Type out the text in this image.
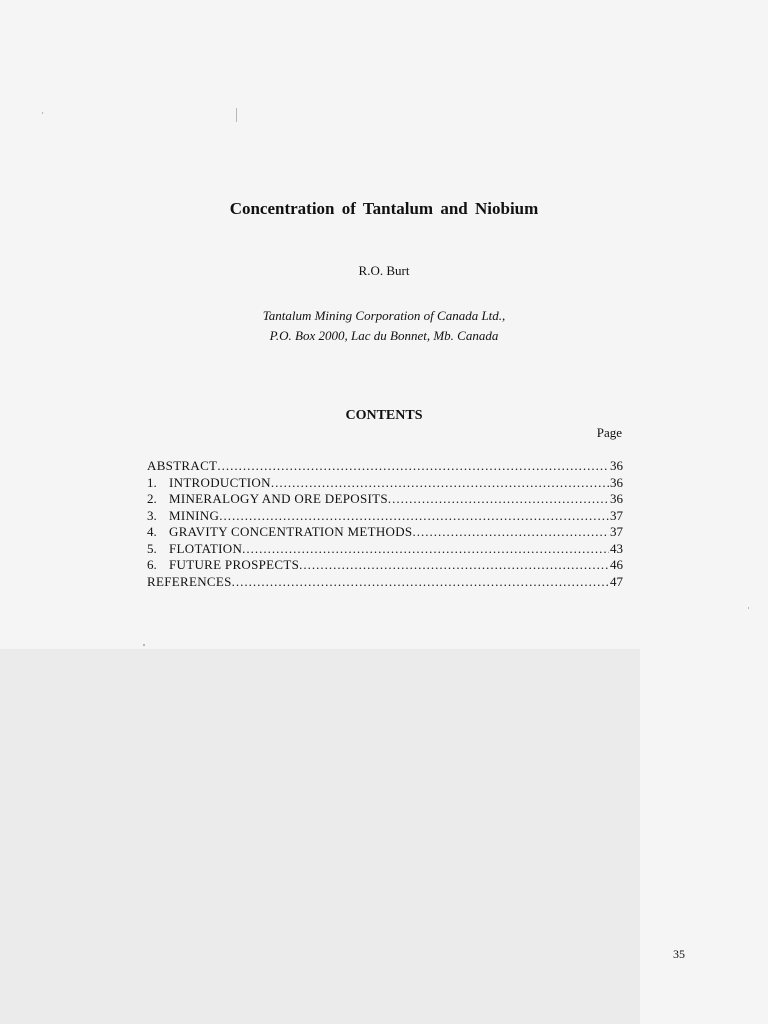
Concentration of Tantalum and Niobium
R.O. Burt
Tantalum Mining Corporation of Canada Ltd.,
P.O. Box 2000, Lac du Bonnet, Mb. Canada
CONTENTS
Page
ABSTRACT .....	36
1. INTRODUCTION .....	36
2. MINERALOGY AND ORE DEPOSITS .....	36
3. MINING .....	37
4. GRAVITY CONCENTRATION METHODS .....	37
5. FLOTATION .....	43
6. FUTURE PROSPECTS .....	46
REFERENCES .....	47
35
